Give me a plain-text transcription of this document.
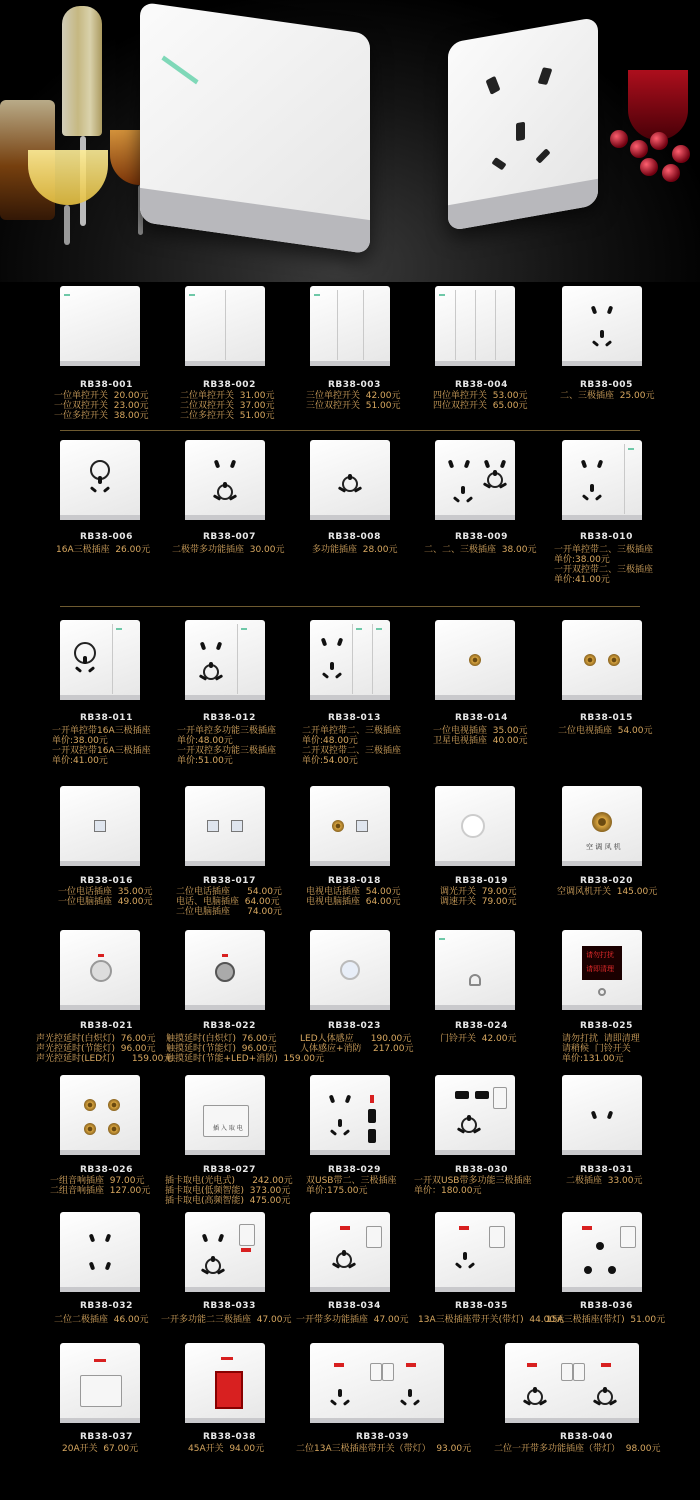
RB38-001
一位单控开关  20.00元
一位双控开关  23.00元
一位多控开关  38.00元
RB38-002
二位单控开关  31.00元
二位双控开关  37.00元
二位多控开关  51.00元
RB38-003
三位单控开关  42.00元
三位双控开关  51.00元
RB38-004
四位单控开关  53.00元
四位双控开关  65.00元
RB38-005
二、三极插座  25.00元
RB38-006
16A三极插座  26.00元
RB38-007
二极带多功能插座  30.00元
RB38-008
多功能插座  28.00元
RB38-009
二、二、三极插座  38.00元
RB38-010
一开单控带二、三极插座
单价:38.00元
一开双控带二、三极插座
单价:41.00元
RB38-011
一开单控带16A三极插座
单价:38.00元
一开双控带16A三极插座
单价:41.00元
RB38-012
一开单控多功能三极插座
单价:48.00元
一开双控多功能三极插座
单价:51.00元
RB38-013
二开单控带二、三极插座
单价:48.00元
二开双控带二、三极插座
单价:54.00元
RB38-014
一位电视插座  35.00元
卫星电视插座  40.00元
RB38-015
二位电视插座  54.00元
RB38-016
一位电话插座  35.00元
一位电脑插座  49.00元
RB38-017
二位电话插座      54.00元
电话、电脑插座  64.00元
二位电脑插座      74.00元
RB38-018
电视电话插座  54.00元
电视电脑插座  64.00元
RB38-019
调光开关  79.00元
调速开关  79.00元
空 调 风 机
RB38-020
空调风机开关  145.00元
RB38-021
声光控延时(白炽灯)  76.00元
声光控延时(节能灯)  96.00元
声光控延时(LED灯)      159.00元
RB38-022
触摸延时(白炽灯)  76.00元
触摸延时(节能灯)  96.00元
触摸延时(节能+LED+消防)  159.00元
RB38-023
LED人体感应      190.00元
人体感应+消防    217.00元
RB38-024
门铃开关  42.00元
请勿打扰
请即清理
RB38-025
请勿打扰  请即清理
请稍候  门铃开关
单价:131.00元
RB38-026
一组音响插座  97.00元
二组音响插座  127.00元
插 入 取 电
RB38-027
插卡取电(光电式)      242.00元
插卡取电(低频智能)  373.00元
插卡取电(高频智能)  475.00元
RB38-029
双USB带二、三极插座
单价:175.00元
RB38-030
一开双USB带多功能三极插座
单价：180.00元
RB38-031
二极插座  33.00元
RB38-032
二位二极插座  46.00元
RB38-033
一开多功能二三极插座  47.00元
RB38-034
一开带多功能插座  47.00元
RB38-035
13A三极插座带开关(带灯)  44.00元
RB38-036
15A三极插座(带灯)  51.00元
RB38-037
20A开关  67.00元
RB38-038
45A开关  94.00元
RB38-039
二位13A三极插座带开关（带灯）  93.00元
RB38-040
二位一开带多功能插座（带灯）  98.00元
